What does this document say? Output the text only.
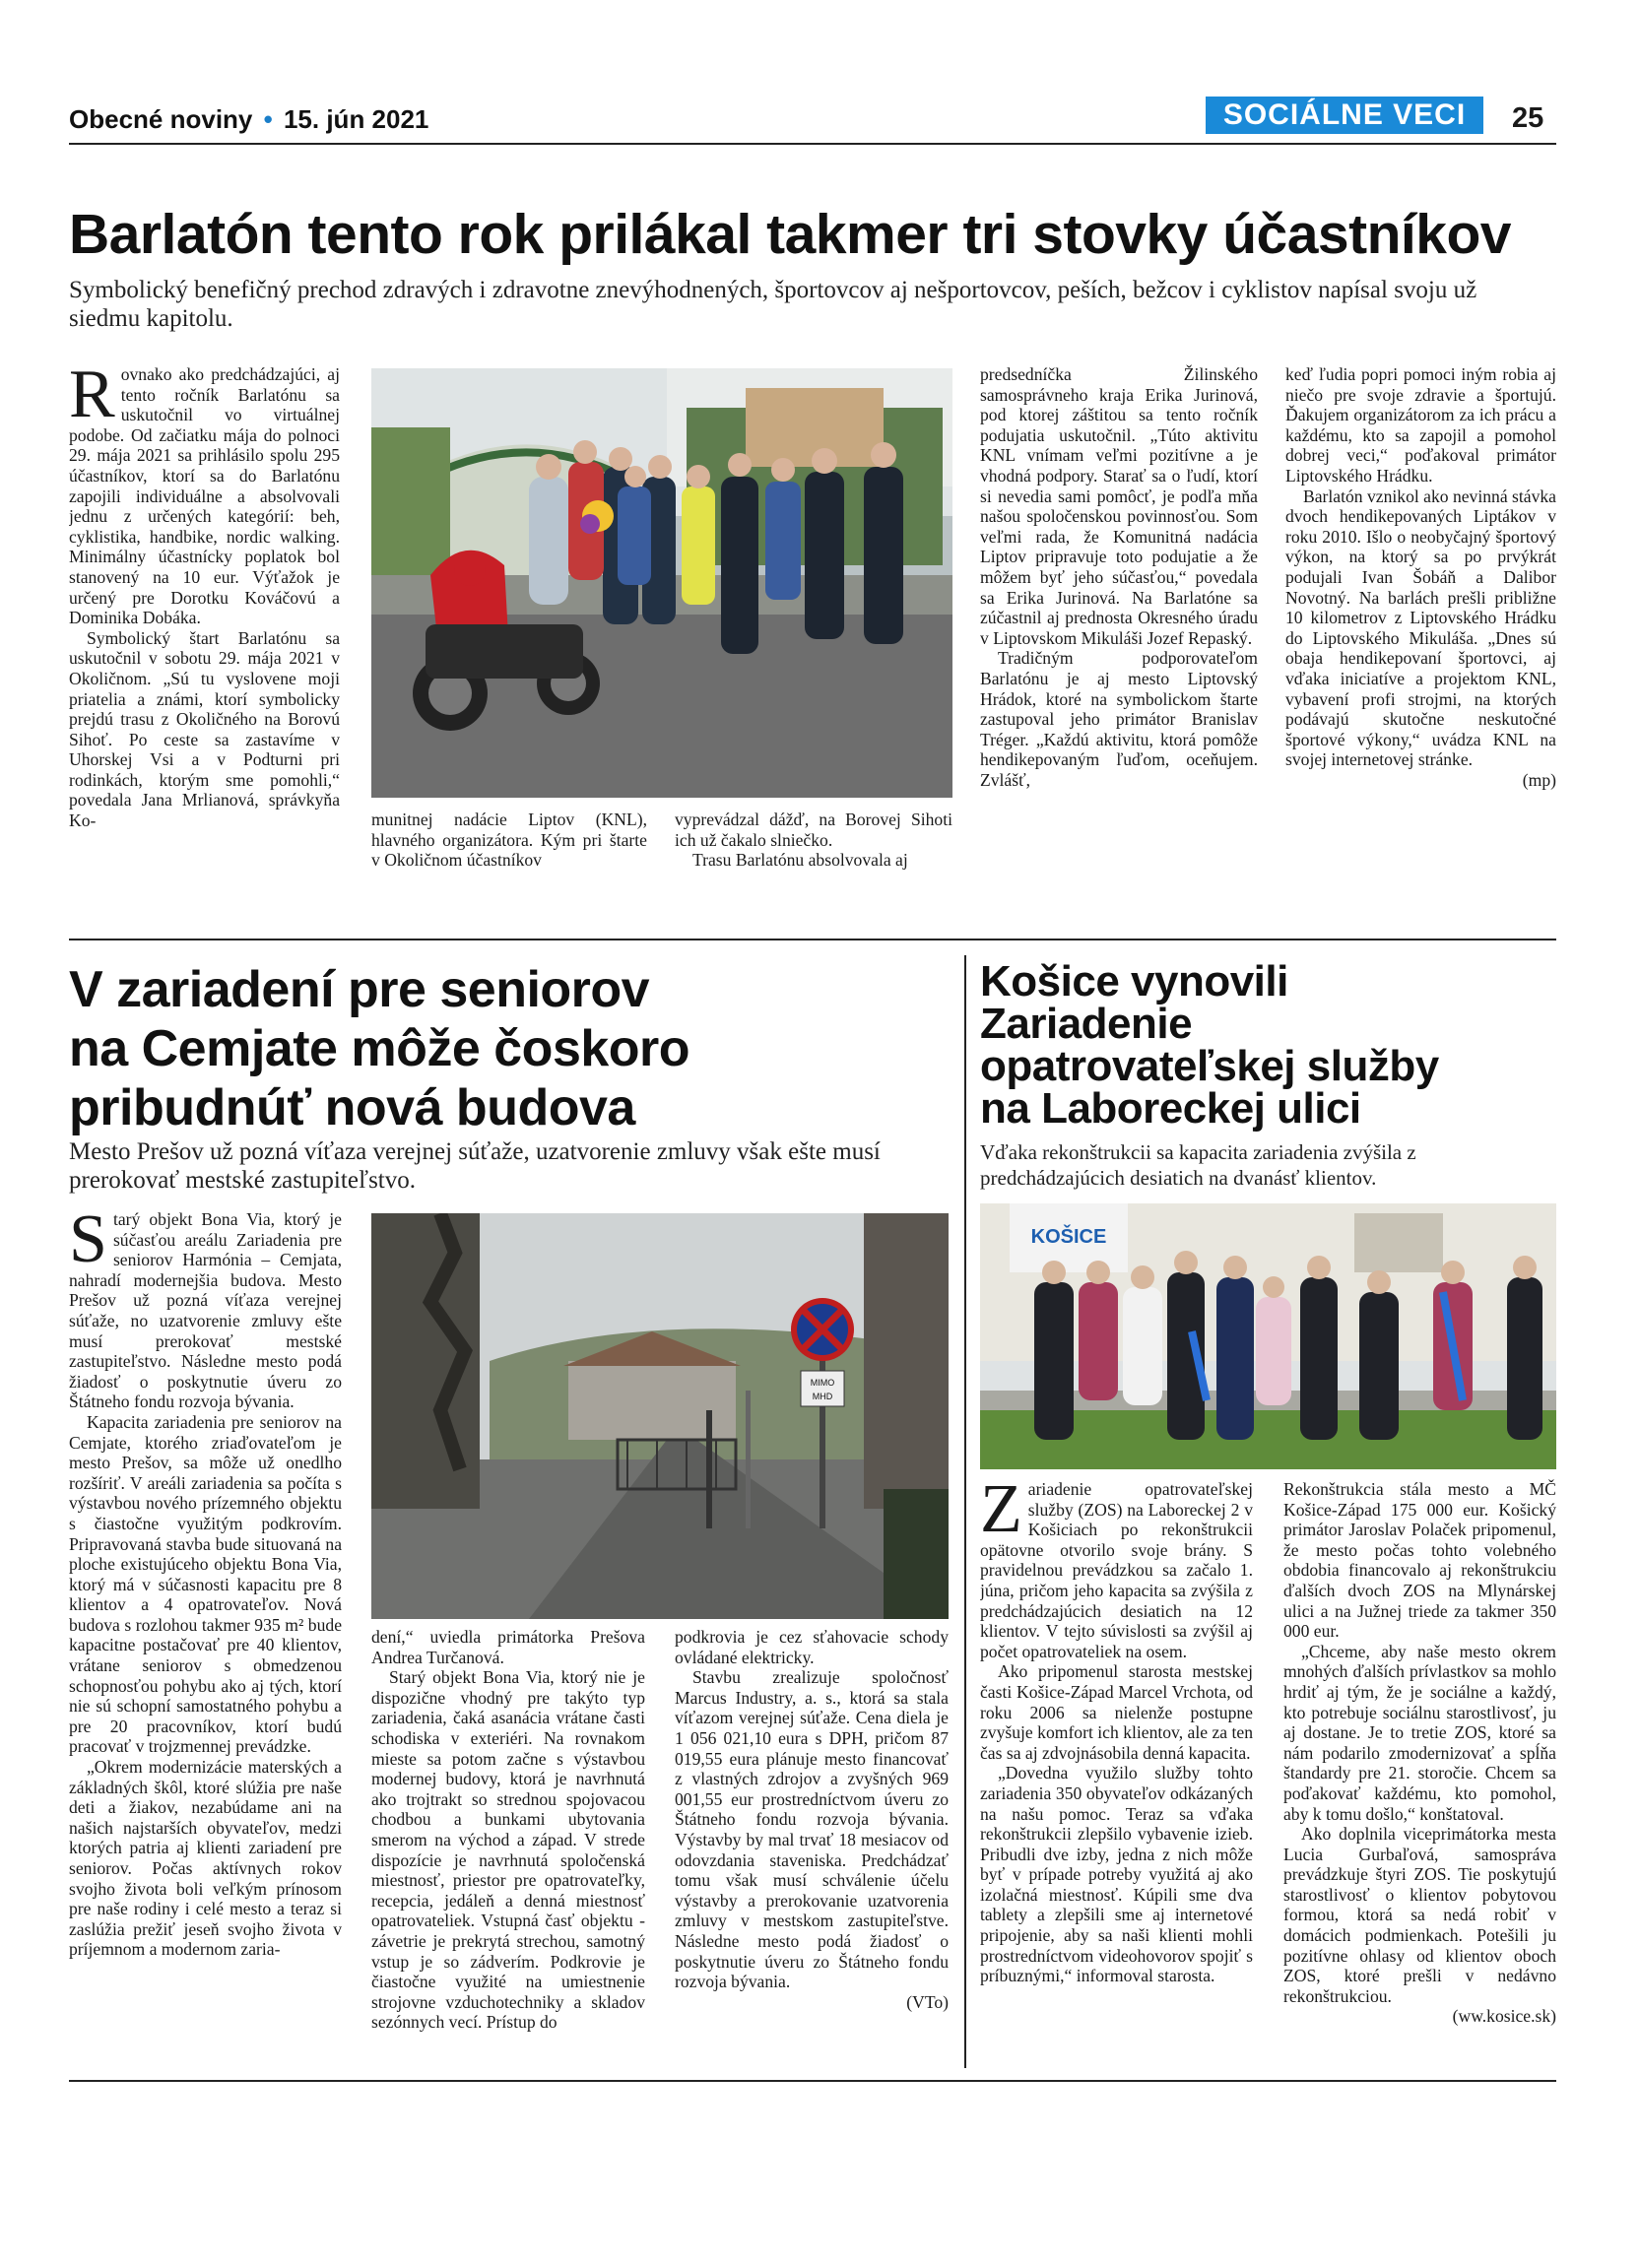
Obecné noviny • 15. jún 2021	SOCIÁLNE VECI	25
Barlatón tento rok prilákal takmer tri stovky účastníkov
Symbolický benefičný prechod zdravých i zdravotne znevýhodnených, športovcov aj nešportovcov, peších, bežcov i cyklistov napísal svoju už siedmu kapitolu.

Rovnako ako predchádzajúci, aj tento ročník Barlatónu sa uskutočnil vo virtuálnej podobe. Od začiatku mája do polnoci 29. mája 2021 sa prihlásilo spolu 295 účastníkov, ktorí sa do Barlatónu zapojili individuálne a absolvovali jednu z určených kategórií: beh, cyklistika, handbike, nordic walking. Minimálny účastnícky poplatok bol stanovený na 10 eur. Výťažok je určený pre Dorotku Kováčovú a Dominika Dobáka.

Symbolický štart Barlatónu sa uskutočnil v sobotu 29. mája 2021 v Okoličnom. „Sú tu vyslovene moji priatelia a známi, ktorí symbolicky prejdú trasu z Okoličného na Borovú Sihoť. Po ceste sa zastavíme v Uhorskej Vsi a v Podturni pri rodinkách, ktorým sme pomohli,“ povedala Jana Mrlianová, správkyňa Ko-	munitnej nadácie Liptov (KNL), hlavného organizátora. Kým pri štarte v Okoličnom účastníkov

vyprevádzal dážď, na Borovej Sihoti ich už čakalo slniečko.

Trasu Barlatónu absolvovala aj

predsedníčka Žilinského samosprávneho kraja Erika Jurinová, pod ktorej záštitou sa tento ročník podujatia uskutočnil. „Túto aktivitu KNL vnímam veľmi pozitívne a je vhodná podpory. Starať sa o ľudí, ktorí si nevedia sami pomôcť, je podľa mňa našou spoločenskou povinnosťou. Som veľmi rada, že Komunitná nadácia Liptov pripravuje toto podujatie a že môžem byť jeho súčasťou,“ povedala sa Erika Jurinová. Na Barlatóne sa zúčastnil aj prednosta Okresného úradu v Liptovskom Mikuláši Jozef Repaský.

Tradičným podporovateľom Barlatónu je aj mesto Liptovský Hrádok, ktoré na symbolickom štarte zastupoval jeho primátor Branislav Tréger. „Každú aktivitu, ktorá pomôže hendikepovaným ľuďom, oceňujem. Zvlášť,

keď ľudia popri pomoci iným robia aj niečo pre svoje zdravie a športujú. Ďakujem organizátorom za ich prácu a každému, kto sa zapojil a pomohol dobrej veci,“ poďakoval primátor Liptovského Hrádku.

Barlatón vznikol ako nevinná stávka dvoch hendikepovaných Liptákov v roku 2010. Išlo o neobyčajný športový výkon, na ktorý sa po prvýkrát podujali Ivan Šobáň a Dalibor Novotný. Na barlách prešli približne 10 kilometrov z Liptovského Hrádku do Liptovského Mikuláša. „Dnes sú obaja hendikepovaní športovci, aj vďaka iniciatíve a projektom KNL, vybavení profi strojmi, na ktorých podávajú skutočne neskutočné športové výkony,“ uvádza KNL na svojej internetovej stránke.

(mp)

V zariadení pre seniorov
na Cemjate môže čoskoro
pribudnúť nová budova
Mesto Prešov už pozná víťaza verejnej súťaže, uzatvorenie zmluvy však ešte musí prerokovať mestské zastupiteľstvo.

Starý objekt Bona Via, ktorý je súčasťou areálu Zariadenia pre seniorov Harmónia – Cemjata, nahradí modernejšia budova. Mesto Prešov už pozná víťaza verejnej súťaže, no uzatvorenie zmluvy ešte musí prerokovať mestské zastupiteľstvo. Následne mesto podá žiadosť o poskytnutie úveru zo Štátneho fondu rozvoja bývania.

Kapacita zariadenia pre seniorov na Cemjate, ktorého zriaďovateľom je mesto Prešov, sa môže už onedlho rozšíriť. V areáli zariadenia sa počíta s výstavbou nového prízemného objektu s čiastočne využitým podkrovím. Pripravovaná stavba bude situovaná na ploche existujúceho objektu Bona Via, ktorý má v súčasnosti kapacitu pre 8 klientov a 4 opatrovateľov. Nová budova s rozlohou takmer 935 m² bude kapacitne postačovať pre 40 klientov, vrátane seniorov s obmedzenou schopnosťou pohybu ako aj tých, ktorí nie sú schopní samostatného pohybu a pre 20 pracovníkov, ktorí budú pracovať v trojzmennej prevádzke.

„Okrem modernizácie materských a základných škôl, ktoré slúžia pre naše deti a žiakov, nezabúdame ani na našich najstarších obyvateľov, medzi ktorých patria aj klienti zariadení pre seniorov. Počas aktívnych rokov svojho života boli veľkým prínosom pre naše rodiny i celé mesto a teraz si zaslúžia prežiť jeseň svojho života v príjemnom a modernom zaria-

MIMO
MHD

dení,“ uviedla primátorka Prešova Andrea Turčanová.

Starý objekt Bona Via, ktorý nie je dispozične vhodný pre takýto typ zariadenia, čaká asanácia vrátane časti schodiska v exteriéri. Na rovnakom mieste sa potom začne s výstavbou modernej budovy, ktorá je navrhnutá ako trojtrakt so strednou spojovacou chodbou a bunkami ubytovania smerom na východ a západ. V strede dispozície je navrhnutá spoločenská miestnosť, priestor pre opatrovateľky, recepcia, jedáleň a denná miestnosť opatrovateliek. Vstupná časť objektu - závetrie je prekrytá strechou, samotný vstup je so zádverím. Podkrovie je čiastočne využité na umiestnenie strojovne vzduchotechniky a skladov sezónnych vecí. Prístup do

podkrovia je cez sťahovacie schody ovládané elektricky.

Stavbu zrealizuje spoločnosť Marcus Industry, a. s., ktorá sa stala víťazom verejnej súťaže. Cena diela je 1 056 021,10 eura s DPH, pričom 87 019,55 eura plánuje mesto financovať z vlastných zdrojov a zvyšných 969 001,55 eur prostredníctvom úveru zo Štátneho fondu rozvoja bývania. Výstavby by mal trvať 18 mesiacov od odovzdania staveniska. Predchádzať tomu však musí schválenie účelu výstavby a prerokovanie uzatvorenia zmluvy v mestskom zastupiteľstve. Následne mesto podá žiadosť o poskytnutie úveru zo Štátneho fondu rozvoja bývania.

(VTo)

Košice vynovili
Zariadenie
opatrovateľskej služby
na Laboreckej ulici
Vďaka rekonštrukcii sa kapacita zariadenia zvýšila z predchádzajúcich desiatich na dvanásť klientov.
KOŠICE

Zariadenie opatrovateľskej služby (ZOS) na Laboreckej 2 v Košiciach po rekonštrukcii opätovne otvorilo svoje brány. S pravidelnou prevádzkou sa začalo 1. júna, pričom jeho kapacita sa zvýšila z predchádzajúcich desiatich na 12 klientov. V tejto súvislosti sa zvýšil aj počet opatrovateliek na osem.

Ako pripomenul starosta mestskej časti Košice-Západ Marcel Vrchota, od roku 2006 sa nielenže postupne zvyšuje komfort ich klientov, ale za ten čas sa aj zdvojnásobila denná kapacita.

„Dovedna využilo služby tohto zariadenia 350 obyvateľov odkázaných na našu pomoc. Teraz sa vďaka rekonštrukcii zlepšilo vybavenie izieb. Pribudli dve izby, jedna z nich môže byť v prípade potreby využitá aj ako izolačná miestnosť. Kúpili sme dva tablety a zlepšili sme aj internetové pripojenie, aby sa naši klienti mohli prostredníctvom videohovorov spojiť s príbuznými,“ informoval starosta.

Rekonštrukcia stála mesto a MČ Košice-Západ 175 000 eur. Košický primátor Jaroslav Polaček pripomenul, že mesto počas tohto volebného obdobia financovalo aj rekonštrukciu ďalších dvoch ZOS na Mlynárskej ulici a na Južnej triede za takmer 350 000 eur.

„Chceme, aby naše mesto okrem mnohých ďalších prívlastkov sa mohlo hrdiť aj tým, že je sociálne a každý, kto potrebuje sociálnu starostlivosť, ju aj dostane. Je to tretie ZOS, ktoré sa nám podarilo zmodernizovať a spĺňa štandardy pre 21. storočie. Chcem sa poďakovať každému, kto pomohol, aby k tomu došlo,“ konštatoval.

Ako doplnila viceprimátorka mesta Lucia Gurbaľová, samospráva prevádzkuje štyri ZOS. Tie poskytujú starostlivosť o klientov pobytovou formou, ktorá sa nedá robiť v domácich podmienkach. Potešili ju pozitívne ohlasy od klientov oboch ZOS, ktoré prešli v nedávno rekonštrukciou.

(ww.kosice.sk)
